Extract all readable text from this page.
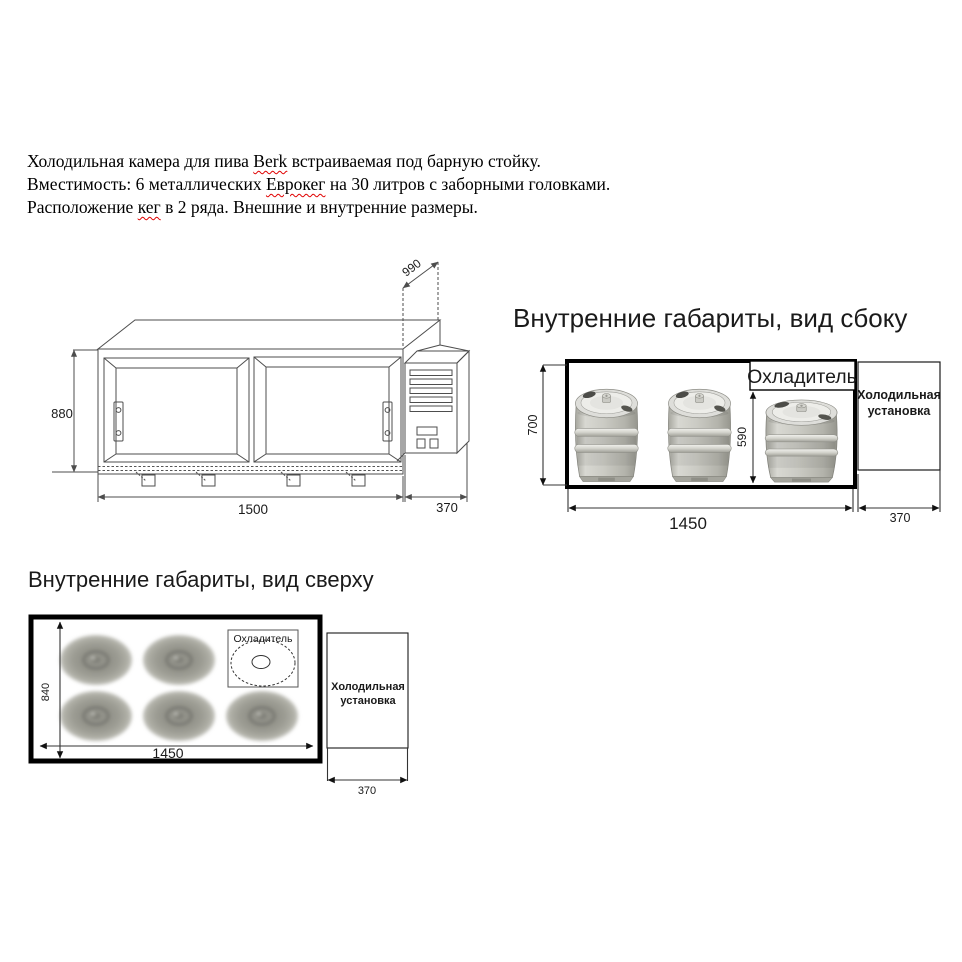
Холодильная камера для пива Berk встраиваемая под барную стойку.
Вместимость: 6 металлических Еврокег на 30 литров с заборными головками.
Расположение кег в 2 ряда. Внешние и внутренние размеры.
880
1500	370
990
Внутренние габариты, вид сбоку
Внутренние габариты, вид сверху
Охладитель
Холодильная
установка
700
590
1450	370
Охладитель
Холодильная
установка
840
1450
370
